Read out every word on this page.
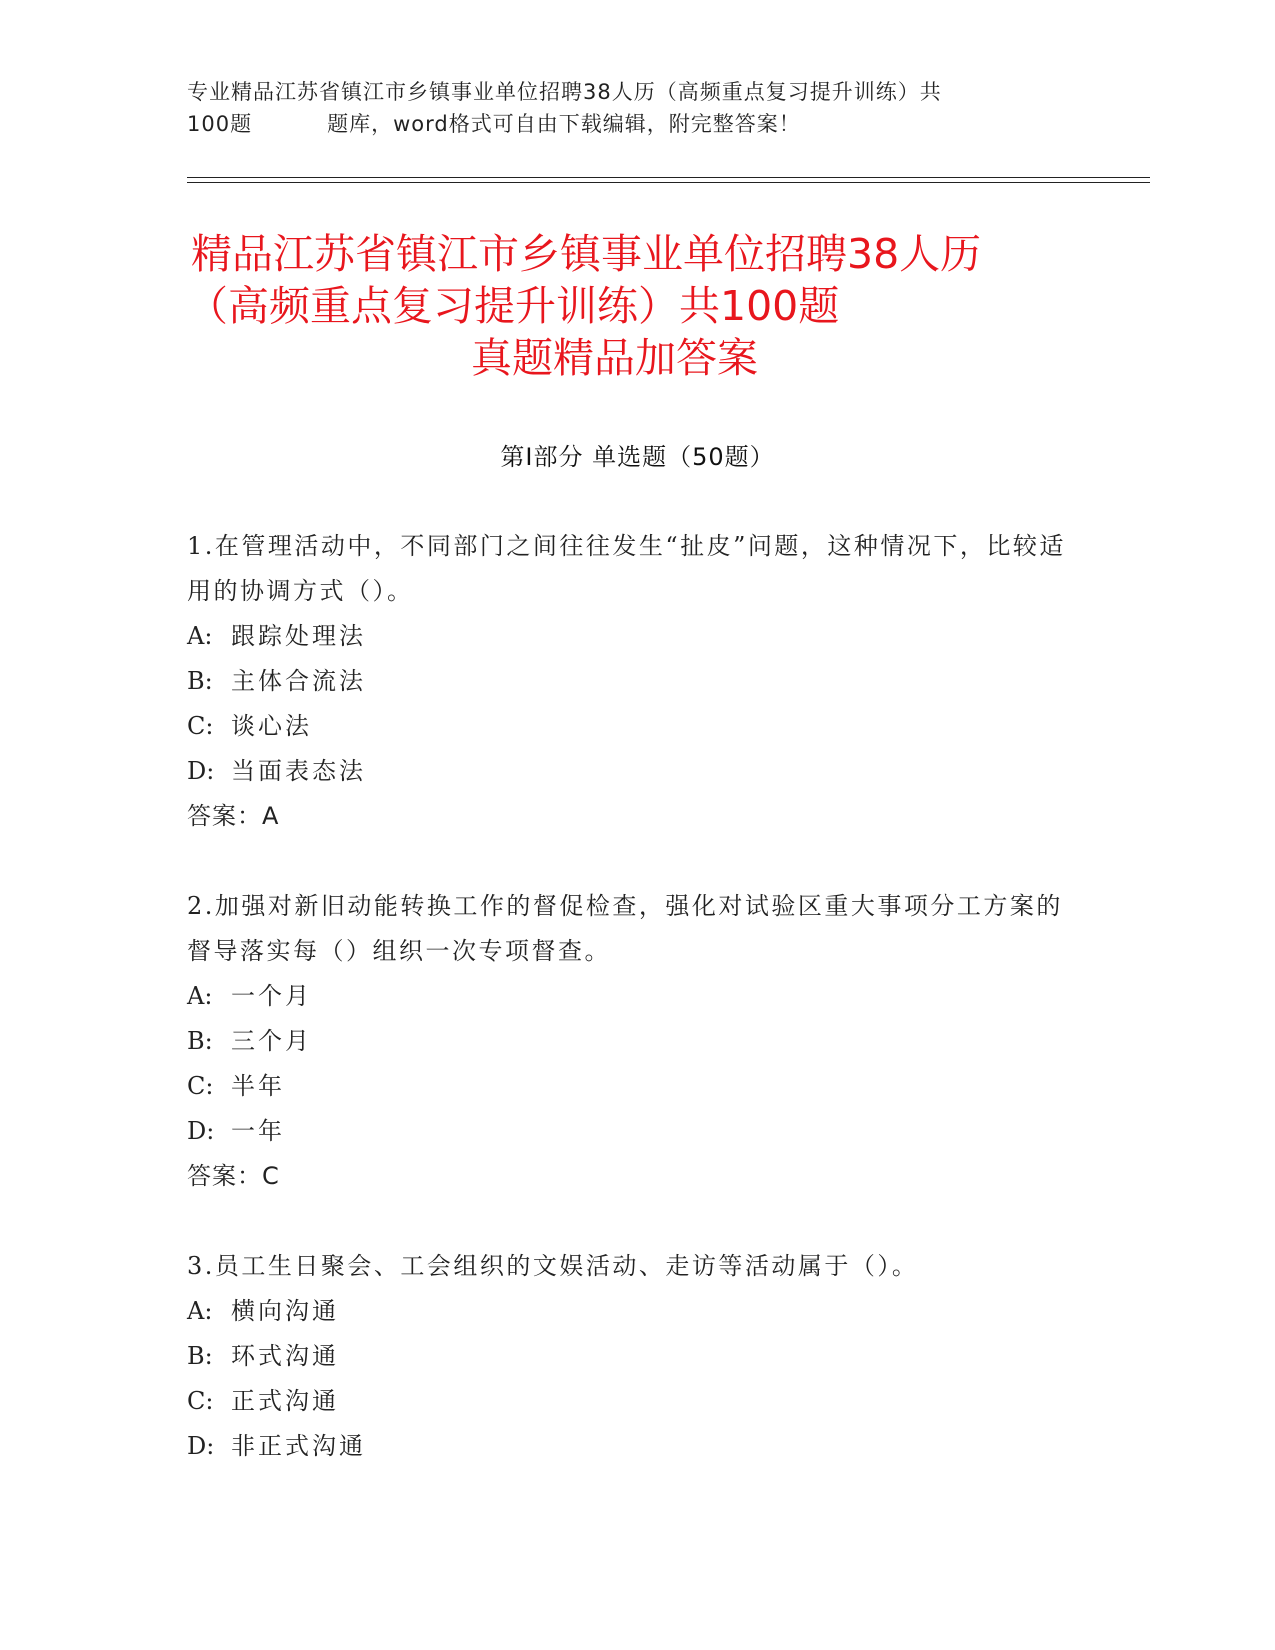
专业精品江苏省镇江市乡镇事业单位招聘38人历（高频重点复习提升训练）共
100题	题库，word格式可自由下载编辑，附完整答案！
精品江苏省镇江市乡镇事业单位招聘38人历
（高频重点复习提升训练）共100题
真题精品加答案
第Ⅰ部分 单选题（50题）
1.在管理活动中，不同部门之间往往发生“扯皮”问题，这种情况下，比较适用的协调方式（）。
A: 跟踪处理法
B: 主体合流法
C: 谈心法
D: 当面表态法
答案：A
2.加强对新旧动能转换工作的督促检查，强化对试验区重大事项分工方案的督导落实每（）组织一次专项督查。
A: 一个月
B: 三个月
C: 半年
D: 一年
答案：C
3.员工生日聚会、工会组织的文娱活动、走访等活动属于（）。
A: 横向沟通
B: 环式沟通
C: 正式沟通
D: 非正式沟通
